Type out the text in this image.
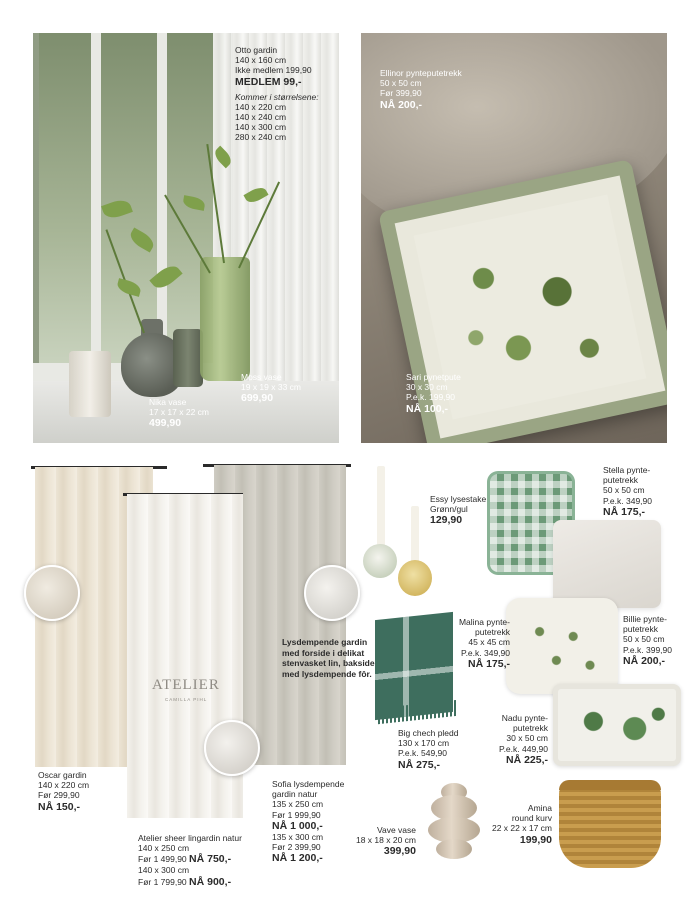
Otto gardin
140 x 160 cm
Ikke medlem 199,90
MEDLEM 99,-
Kommer i størrelsene:
140 x 220 cm
140 x 240 cm
140 x 300 cm
280 x 240 cm
Nika vase
17 x 17 x 22 cm
499,90
Moss vase
19 x 19 x 33 cm
699,90
Ellinor pynteputetrekk
50 x 50 cm
Før 399,90
NÅ 200,-
Sari pynetpute
30 x 30 cm
P.e.k. 199,90
NÅ 100,-
ATELIER
CAMILLA PIHL
Oscar gardin
140 x 220 cm
Før 299,90
NÅ 150,-
Atelier sheer lingardin natur
140 x 250 cm
Før 1 499,90 NÅ 750,-
140 x 300 cm
Før 1 799,90 NÅ 900,-
Sofia lysdempende
gardin natur
135 x 250 cm
Før 1 999,90
NÅ 1 000,-
135 x 300 cm
Før 2 399,90
NÅ 1 200,-
Lysdempende gardin
med forside i delikat
stenvasket lin, bakside
med lysdempende fôr.
Essy lysestake
Grønn/gul
129,90
Stella pynte-
putetrekk
50 x 50 cm
P.e.k. 349,90
NÅ 175,-
Billie pynte-
putetrekk
50 x 50 cm
P.e.k. 399,90
NÅ 200,-
Malina pynte-
putetrekk
45 x 45 cm
P.e.k. 349,90
NÅ 175,-
Nadu pynte-
putetrekk
30 x 50 cm
P.e.k. 449,90
NÅ 225,-
Big chech pledd
130 x 170 cm
P.e.k. 549,90
NÅ 275,-
Vave vase
18 x 18 x 20 cm
399,90
Amina
round kurv
22 x 22 x 17 cm
199,90
